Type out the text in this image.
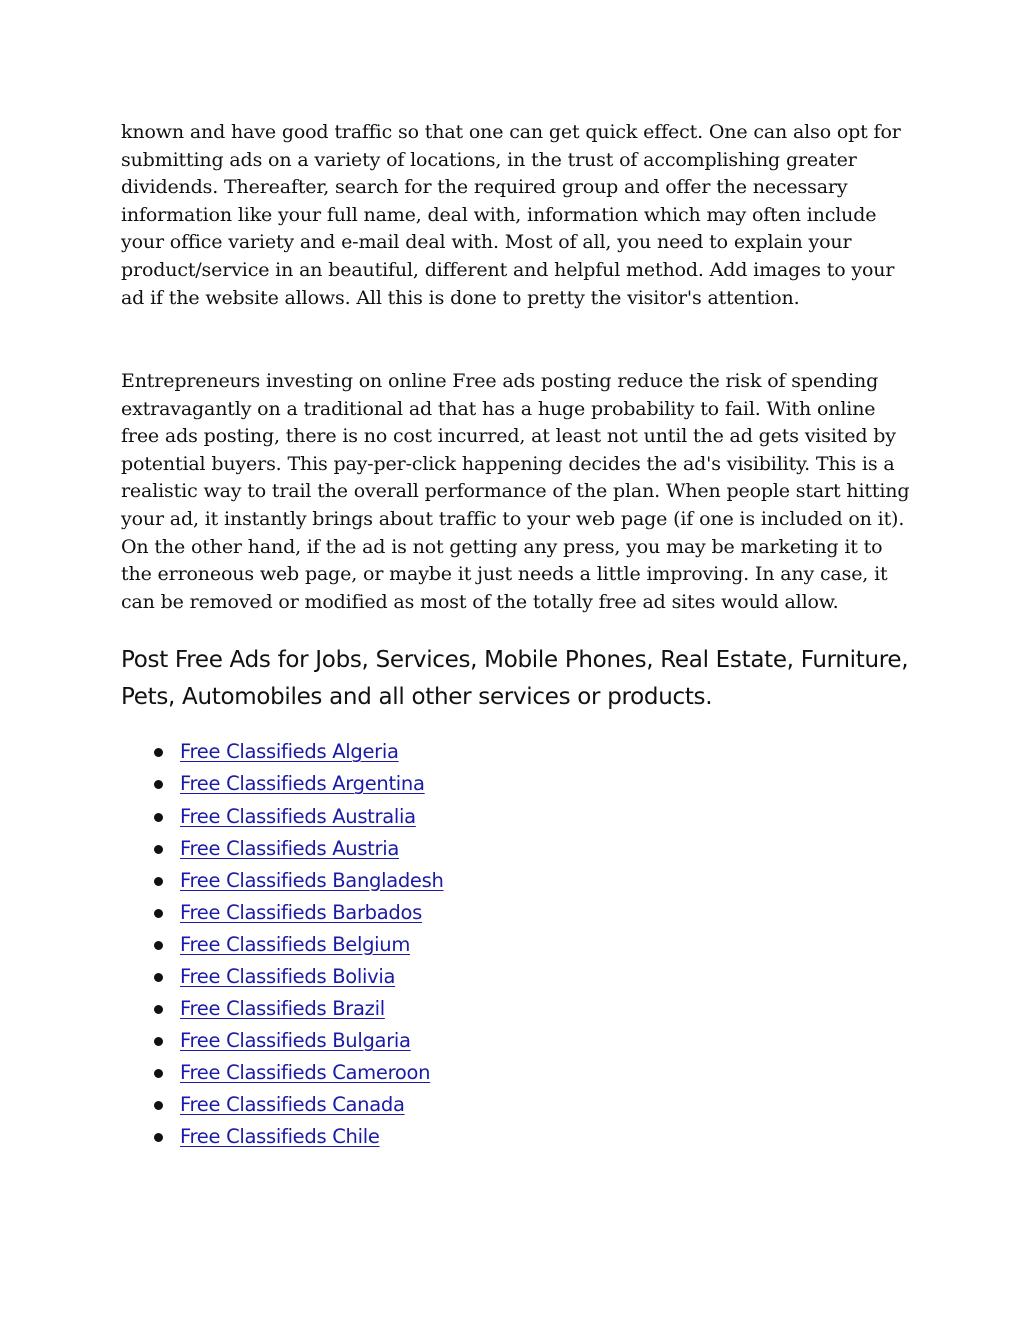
known and have good traffic so that one can get quick effect. One can also opt for submitting ads on a variety of locations, in the trust of accomplishing greater dividends. Thereafter, search for the required group and offer the necessary information like your full name, deal with, information which may often include your office variety and e-mail deal with. Most of all, you need to explain your product/service in an beautiful, different and helpful method. Add images to your ad if the website allows. All this is done to pretty the visitor's attention.

Entrepreneurs investing on online Free ads posting reduce the risk of spending extravagantly on a traditional ad that has a huge probability to fail. With online free ads posting, there is no cost incurred, at least not until the ad gets visited by potential buyers. This pay-per-click happening decides the ad's visibility. This is a realistic way to trail the overall performance of the plan. When people start hitting your ad, it instantly brings about traffic to your web page (if one is included on it). On the other hand, if the ad is not getting any press, you may be marketing it to the erroneous web page, or maybe it just needs a little improving. In any case, it can be removed or modified as most of the totally free ad sites would allow.

Post Free Ads for Jobs, Services, Mobile Phones, Real Estate, Furniture, Pets, Automobiles and all other services or products.
Free Classifieds Algeria
Free Classifieds Argentina
Free Classifieds Australia
Free Classifieds Austria
Free Classifieds Bangladesh
Free Classifieds Barbados
Free Classifieds Belgium
Free Classifieds Bolivia
Free Classifieds Brazil
Free Classifieds Bulgaria
Free Classifieds Cameroon
Free Classifieds Canada
Free Classifieds Chile
